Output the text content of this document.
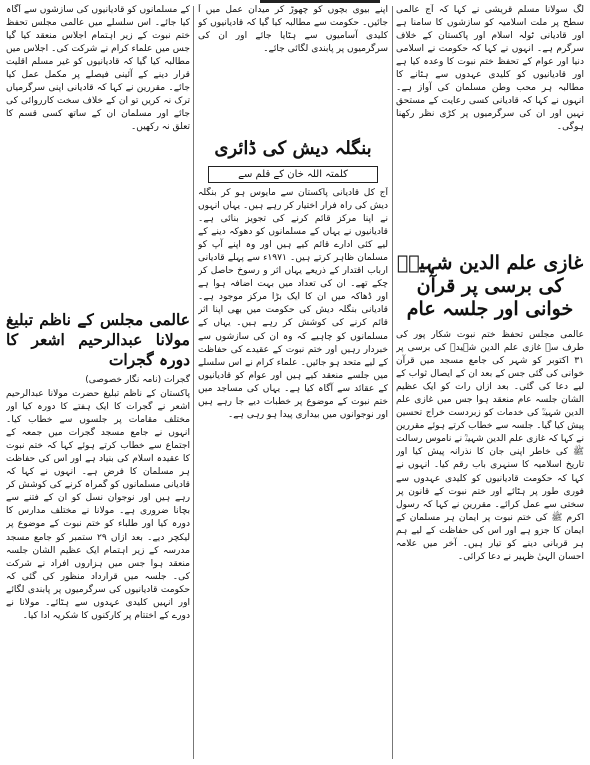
لگ سولانا مسلم قریشی نے کہا کہ آج عالمی سطح پر ملت اسلامیہ کو سازشوں کا سامنا ہے اور قادیانی ٹولہ اسلام اور پاکستان کے خلاف سرگرم ہے۔ انہوں نے کہا کہ حکومت نے اسلامی دنیا اور عوام کے تحفظ ختم نبوت کا وعدہ کیا ہے اور قادیانیوں کو کلیدی عہدوں سے ہٹانے کا مطالبہ ہر محب وطن مسلمان کی آواز ہے۔ انہوں نے کہا کہ قادیانی کسی رعایت کے مستحق نہیں اور ان کی سرگرمیوں پر کڑی نظر رکھنا ہوگی۔

غازی علم الدین شہیدؒ کی برسی پر قرآن خوانی اور جلسہ عام

عالمی مجلس تحفظ ختم نبوت شکار پور کی طرف سے غازی علم الدین شہیدؒ کی برسی پر ۳۱ اکتوبر کو شہر کی جامع مسجد میں قرآن خوانی کی گئی جس کے بعد ان کے ایصال ثواب کے لیے دعا کی گئی۔ بعد ازاں رات کو ایک عظیم الشان جلسہ عام منعقد ہوا جس میں غازی علم الدین شہیدؒ کی خدمات کو زبردست خراج تحسین پیش کیا گیا۔ جلسہ سے خطاب کرتے ہوئے مقررین نے کہا کہ غازی علم الدین شہیدؒ نے ناموس رسالت ﷺ کی خاطر اپنی جان کا نذرانہ پیش کیا اور تاریخ اسلامیہ کا سنہری باب رقم کیا۔ انہوں نے کہا کہ حکومت قادیانیوں کو کلیدی عہدوں سے فوری طور پر ہٹائے اور ختم نبوت کے قانون پر سختی سے عمل کرائے۔ مقررین نے کہا کہ رسول اکرم ﷺ کی ختم نبوت پر ایمان ہر مسلمان کے ایمان کا جزو ہے اور اس کی حفاظت کے لیے ہم ہر قربانی دینے کو تیار ہیں۔ آخر میں علامہ احسان الہیٰ ظہیر نے دعا کرائی۔

اپنے بیوی بچوں کو چھوڑ کر میدان عمل میں آ جائیں۔ حکومت سے مطالبہ کیا گیا کہ قادیانیوں کو کلیدی آسامیوں سے ہٹایا جائے اور ان کی سرگرمیوں پر پابندی لگائی جائے۔

بنگلہ دیش کی ڈائری
کلمتہ اللہ خان کے قلم سے

آج کل قادیانی پاکستان سے مایوس ہو کر بنگلہ دیش کی راہ فرار اختیار کر رہے ہیں۔ یہاں انہوں نے اپنا مرکز قائم کرنے کی تجویز بنائی ہے۔ قادیانیوں نے یہاں کے مسلمانوں کو دھوکہ دینے کے لیے کئی ادارے قائم کیے ہیں اور وہ اپنے آپ کو مسلمان ظاہر کرتے ہیں۔ ۱۹۷۱ء سے پہلے قادیانی ارباب اقتدار کے ذریعے یہاں اثر و رسوخ حاصل کر چکے تھے۔ ان کی تعداد میں بہت اضافہ ہوا ہے اور ڈھاکہ میں ان کا ایک بڑا مرکز موجود ہے۔ قادیانی بنگلہ دیش کی حکومت میں بھی اپنا اثر قائم کرنے کی کوشش کر رہے ہیں۔ یہاں کے مسلمانوں کو چاہیے کہ وہ ان کی سازشوں سے خبردار رہیں اور ختم نبوت کے عقیدے کی حفاظت کے لیے متحد ہو جائیں۔ علماء کرام نے اس سلسلے میں جلسے منعقد کیے ہیں اور عوام کو قادیانیوں کے عقائد سے آگاہ کیا ہے۔ یہاں کی مساجد میں ختم نبوت کے موضوع پر خطبات دیے جا رہے ہیں اور نوجوانوں میں بیداری پیدا ہو رہی ہے۔

کے مسلمانوں کو قادیانیوں کی سازشوں سے آگاہ کیا جائے۔ اس سلسلے میں عالمی مجلس تحفظ ختم نبوت کے زیر اہتمام اجلاس منعقد کیا گیا جس میں علماء کرام نے شرکت کی۔ اجلاس میں مطالبہ کیا گیا کہ قادیانیوں کو غیر مسلم اقلیت قرار دینے کے آئینی فیصلے پر مکمل عمل کیا جائے۔ مقررین نے کہا کہ قادیانی اپنی سرگرمیاں ترک نہ کریں تو ان کے خلاف سخت کارروائی کی جائے اور مسلمان ان کے ساتھ کسی قسم کا تعلق نہ رکھیں۔

عالمی مجلس کے ناظم تبلیغ مولانا عبدالرحیم اشعر کا دورہ گجرات

گجرات (نامہ نگار خصوصی)

پاکستان کے ناظم تبلیغ حضرت مولانا عبدالرحیم اشعر نے گجرات کا ایک ہفتے کا دورہ کیا اور مختلف مقامات پر جلسوں سے خطاب کیا۔ انہوں نے جامع مسجد گجرات میں جمعہ کے اجتماع سے خطاب کرتے ہوئے کہا کہ ختم نبوت کا عقیدہ اسلام کی بنیاد ہے اور اس کی حفاظت ہر مسلمان کا فرض ہے۔ انہوں نے کہا کہ قادیانی مسلمانوں کو گمراہ کرنے کی کوشش کر رہے ہیں اور نوجوان نسل کو ان کے فتنے سے بچانا ضروری ہے۔ مولانا نے مختلف مدارس کا دورہ کیا اور طلباء کو ختم نبوت کے موضوع پر لیکچر دیے۔ بعد ازاں ۲۹ ستمبر کو جامع مسجد مدرسہ کے زیر اہتمام ایک عظیم الشان جلسہ منعقد ہوا جس میں ہزاروں افراد نے شرکت کی۔ جلسہ میں قرارداد منظور کی گئی کہ حکومت قادیانیوں کی سرگرمیوں پر پابندی لگائے اور انہیں کلیدی عہدوں سے ہٹائے۔ مولانا نے دورے کے اختتام پر کارکنوں کا شکریہ ادا کیا۔
